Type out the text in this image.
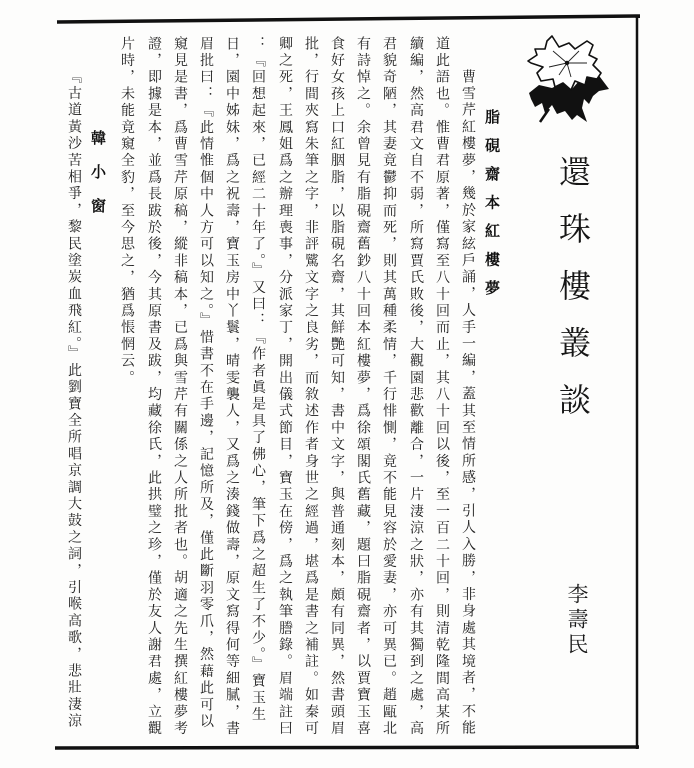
還珠樓叢談
李壽民
脂硯齋本紅樓夢
曹雪芹紅樓夢，幾於家絃戶誦，人手一編，蓋其至情所感，引人入勝，非身處其境者，不能
道此語也。惟曹君原著，僅寫至八十回而止，其八十回以後，至一百二十回，則清乾隆間高某所
續編，然高君文自不弱，所寫賈氏敗後，大觀園悲歡離合，一片淒涼之狀，亦有其獨到之處，高
君貌奇陋，其妻竟鬱抑而死，則其萬種柔情，千行悱惻，竟不能見容於愛妻，亦可異已。趙甌北
有詩悼之。余曾見有脂硯齋舊鈔八十回本紅樓夢，爲徐頌閣氏舊藏，題曰脂硯齋者，以賈寶玉喜
食好女孩上口紅胭脂，以脂硯名齋，其鮮艷可知，書中文字，與普通刻本，頗有同異，然書頭眉
批，行間夾寫朱筆之字，非評騭文字之良劣，而敘述作者身世之經過，堪爲是書之補註。如秦可
卿之死，王鳳姐爲之辦理喪事，分派家丁，開出儀式節目，寶玉在傍，爲之執筆謄錄。眉端註曰
：『回想起來，已經二十年了。』又曰：『作者眞是具了佛心，筆下爲之超生了不少。』寶玉生
日，園中姊妹，爲之祝壽，寶玉房中丫鬟，晴雯襲人，又爲之湊錢做壽，原文寫得何等細膩，書
眉批曰：『此情惟個中人方可以知之。』惜書不在手邊，記憶所及，僅此斷羽零爪，然藉此可以
窺見是書，爲曹雪芹原稿，縱非稿本，已爲與雪芹有關係之人所批者也。胡適之先生撰紅樓夢考
證，即據是本，並爲長跋於後，今其原書及跋，均藏徐氏，此拱璧之珍，僅於友人謝君處，立觀
片時，未能竟窺全豹，至今思之，猶爲悵惘云。
韓小窗
『古道黃沙苦相爭，黎民塗炭血飛紅。』此劉寶全所唱京調大鼓之詞，引喉高歌，悲壯淒涼
